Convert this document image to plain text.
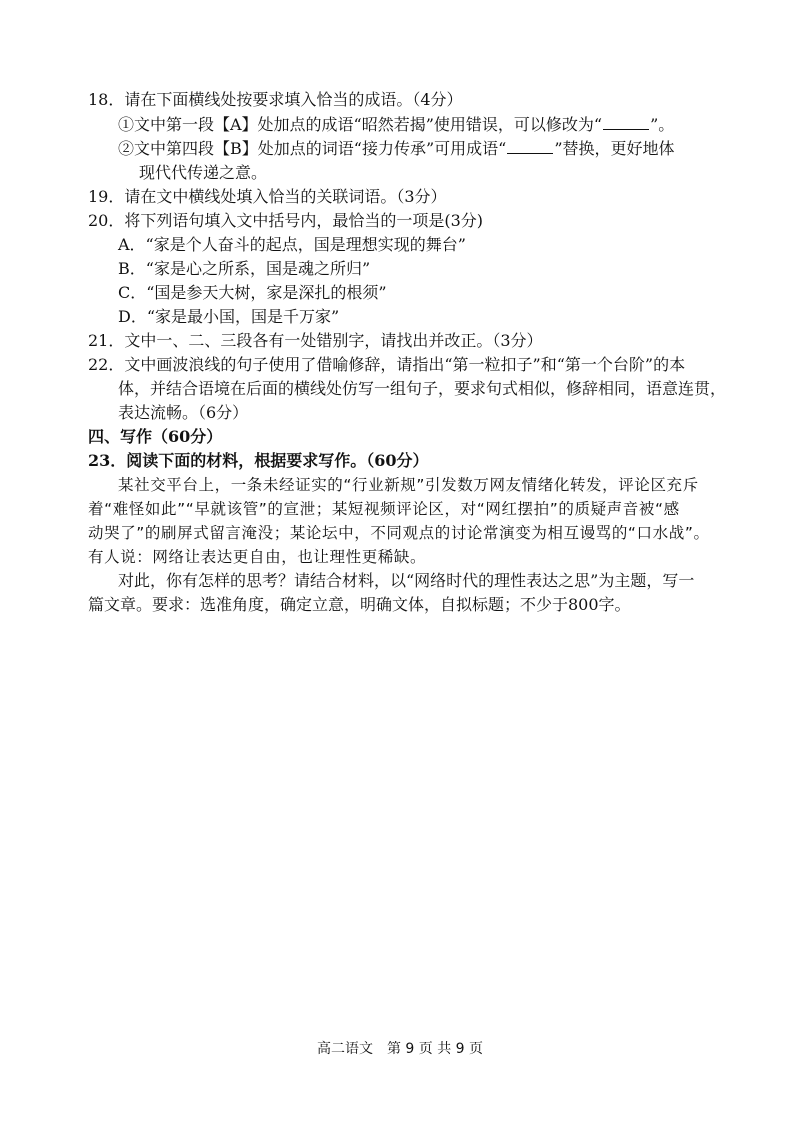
18．请在下面横线处按要求填入恰当的成语。（4分）
①文中第一段【A】处加点的成语“昭然若揭”使用错误，可以修改为“	”。
②文中第四段【B】处加点的词语“接力传承”可用成语“	”替换，更好地体
现代代传递之意。
19．请在文中横线处填入恰当的关联词语。（3分）
20．将下列语句填入文中括号内，最恰当的一项是(3分)
A．“家是个人奋斗的起点，国是理想实现的舞台”
B．“家是心之所系，国是魂之所归”
C．“国是参天大树，家是深扎的根须”
D．“家是最小国，国是千万家”
21．文中一、二、三段各有一处错别字，请找出并改正。（3分）
22．文中画波浪线的句子使用了借喻修辞，请指出“第一粒扣子”和“第一个台阶”的本
体，并结合语境在后面的横线处仿写一组句子，要求句式相似，修辞相同，语意连贯，
表达流畅。（6分）
四、写作（60分）
23．阅读下面的材料，根据要求写作。（60分）
某社交平台上，一条未经证实的“行业新规”引发数万网友情绪化转发，评论区充斥
着“难怪如此”“早就该管”的宣泄；某短视频评论区，对“网红摆拍”的质疑声音被“感
动哭了”的刷屏式留言淹没；某论坛中，不同观点的讨论常演变为相互谩骂的“口水战”。
有人说：网络让表达更自由，也让理性更稀缺。
对此，你有怎样的思考？请结合材料，以“网络时代的理性表达之思”为主题，写一
篇文章。要求：选准角度，确定立意，明确文体，自拟标题；不少于800字。
高二语文　第 9 页 共 9 页
